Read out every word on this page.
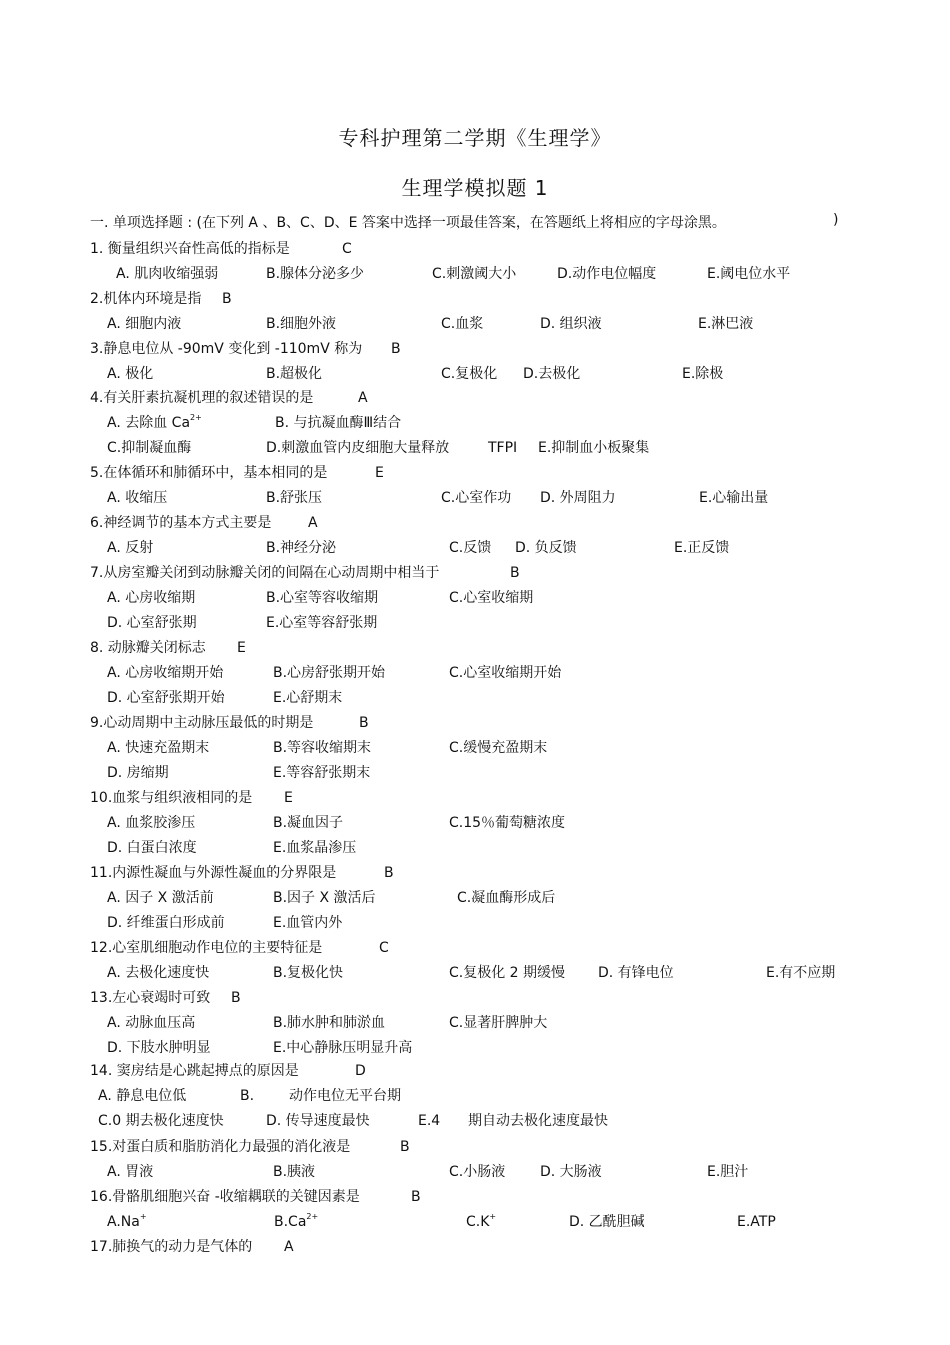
专科护理第二学期《生理学》
生理学模拟题 1
一. 单项选择题 : (在下列 A 、B、C、D、E 答案中选择一项最佳答案，在答题纸上将相应的字母涂黑。	)
1. 衡量组织兴奋性高低的指标是	C
A. 肌肉收缩强弱	B.腺体分泌多少	C.刺激阈大小	D.动作电位幅度	E.阈电位水平
2.机体内环境是指 B
A. 细胞内液	B.细胞外液	C.血浆	D. 组织液	E.淋巴液
3.静息电位从 -90mV 变化到 -110mV 称为 B
A. 极化	B.超极化	C.复极化 D.去极化	E.除极
4.有关肝素抗凝机理的叙述错误的是	A
A. 去除血 $Ca^{2+}$	B. 与抗凝血酶Ⅲ结合
C.抑制凝血酶	D.刺激血管内皮细胞大量释放	TFPI E.抑制血小板聚集
5.在体循环和肺循环中，基本相同的是	E
A. 收缩压	B.舒张压	C.心室作功 D. 外周阻力	E.心输出量
6.神经调节的基本方式主要是	A
A. 反射	B.神经分泌	C.反馈 D. 负反馈	E.正反馈
7.从房室瓣关闭到动脉瓣关闭的间隔在心动周期中相当于	B
A. 心房收缩期	B.心室等容收缩期	C.心室收缩期
D. 心室舒张期	E.心室等容舒张期
8. 动脉瓣关闭标志 E
A. 心房收缩期开始	B.心房舒张期开始	C.心室收缩期开始
D. 心室舒张期开始	E.心舒期末
9.心动周期中主动脉压最低的时期是	B
A. 快速充盈期末	B.等容收缩期末	C.缓慢充盈期末
D. 房缩期	E.等容舒张期末
10.血浆与组织液相同的是 E
A. 血浆胶渗压	B.凝血因子	C.15％葡萄糖浓度
D. 白蛋白浓度	E.血浆晶渗压
11.内源性凝血与外源性凝血的分界限是	B
A. 因子 X 激活前	B.因子 X 激活后	C.凝血酶形成后
D. 纤维蛋白形成前	E.血管内外
12.心室肌细胞动作电位的主要特征是	C
A. 去极化速度快	B.复极化快	C.复极化 2 期缓慢 D. 有锋电位	E.有不应期
13.左心衰竭时可致 B
A. 动脉血压高	B.肺水肿和肺淤血	C.显著肝脾肿大
D. 下肢水肿明显	E.中心静脉压明显升高
14. 窦房结是心跳起搏点的原因是	D
A. 静息电位低	B. 动作电位无平台期
C.0 期去极化速度快	D. 传导速度最快	E.4 期自动去极化速度最快
15.对蛋白质和脂肪消化力最强的消化液是	B
A. 胃液	B.胰液	C.小肠液 D. 大肠液	E.胆汁
16.骨骼肌细胞兴奋 -收缩耦联的关键因素是	B
A.Na+	$B.Ca^{2+}$	C.K+	D. 乙酰胆碱	E.ATP
17.肺换气的动力是气体的 A
